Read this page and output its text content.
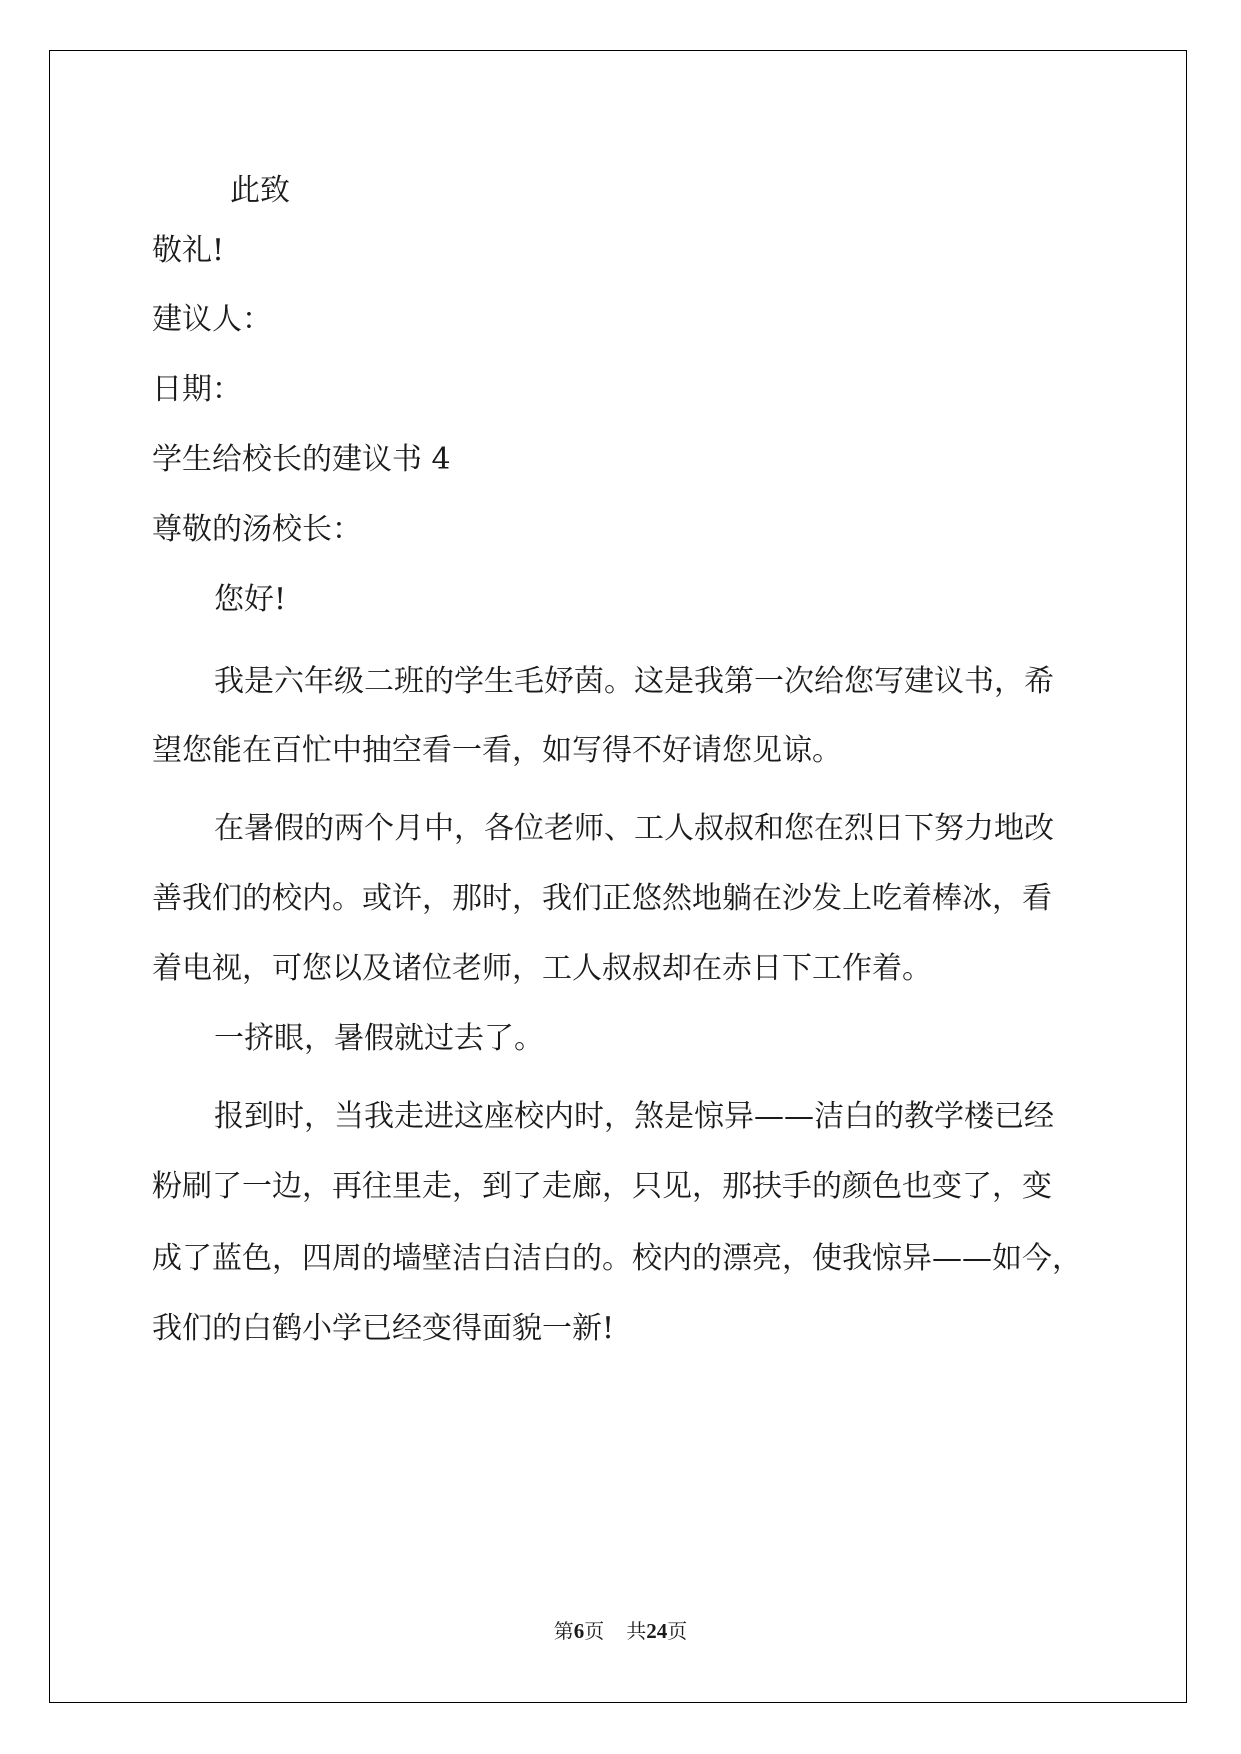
此致

敬礼!

建议人：

日期：

学生给校长的建议书 4

尊敬的汤校长：

您好!

我是六年级二班的学生毛妤茵。这是我第一次给您写建议书，希

望您能在百忙中抽空看一看，如写得不好请您见谅。

在暑假的两个月中，各位老师、工人叔叔和您在烈日下努力地改

善我们的校内。或许，那时，我们正悠然地躺在沙发上吃着棒冰，看

着电视，可您以及诸位老师，工人叔叔却在赤日下工作着。

一挤眼，暑假就过去了。

报到时，当我走进这座校内时，煞是惊异——洁白的教学楼已经

粉刷了一边，再往里走，到了走廊，只见，那扶手的颜色也变了，变

成了蓝色，四周的墙壁洁白洁白的。校内的漂亮，使我惊异——如今，

我们的白鹤小学已经变得面貌一新!

第6页 共24页
